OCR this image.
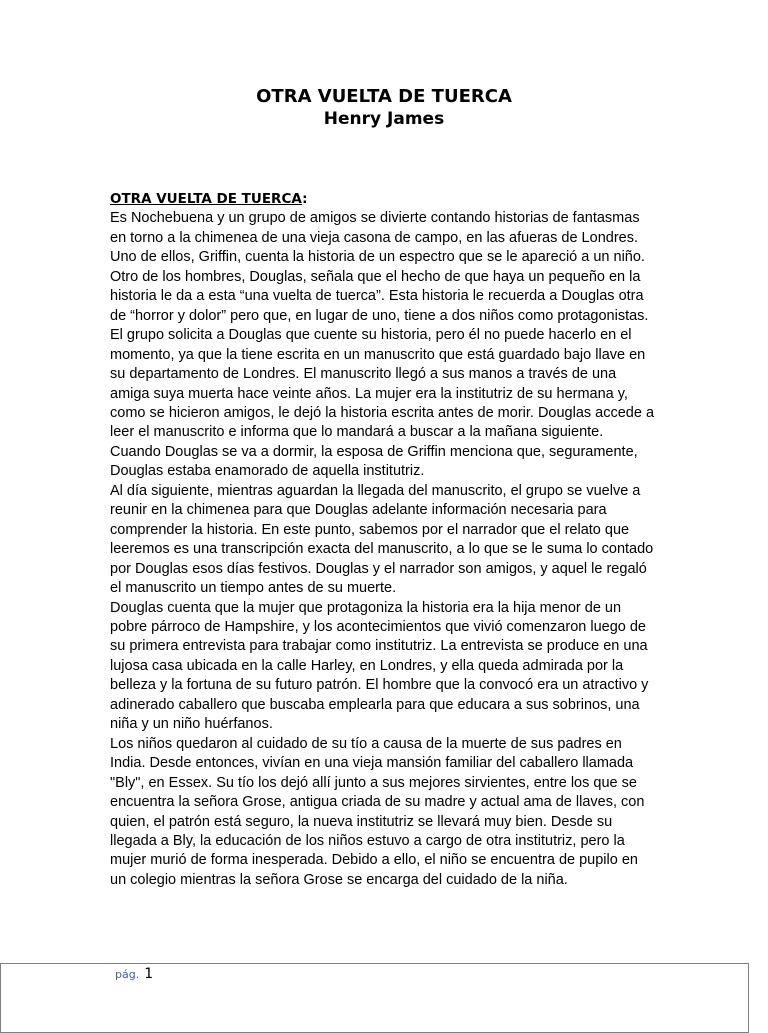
OTRA VUELTA DE TUERCA
Henry James
OTRA VUELTA DE TUERCA:

Es Nochebuena y un grupo de amigos se divierte contando historias de fantasmas en torno a la chimenea de una vieja casona de campo, en las afueras de Londres. Uno de ellos, Griffin, cuenta la historia de un espectro que se le apareció a un niño. Otro de los hombres, Douglas, señala que el hecho de que haya un pequeño en la historia le da a esta “una vuelta de tuerca”. Esta historia le recuerda a Douglas otra de “horror y dolor” pero que, en lugar de uno, tiene a dos niños como protagonistas.

El grupo solicita a Douglas que cuente su historia, pero él no puede hacerlo en el momento, ya que la tiene escrita en un manuscrito que está guardado bajo llave en su departamento de Londres. El manuscrito llegó a sus manos a través de una amiga suya muerta hace veinte años. La mujer era la institutriz de su hermana y, como se hicieron amigos, le dejó la historia escrita antes de morir. Douglas accede a leer el manuscrito e informa que lo mandará a buscar a la mañana siguiente. Cuando Douglas se va a dormir, la esposa de Griffin menciona que, seguramente, Douglas estaba enamorado de aquella institutriz.

Al día siguiente, mientras aguardan la llegada del manuscrito, el grupo se vuelve a reunir en la chimenea para que Douglas adelante información necesaria para comprender la historia. En este punto, sabemos por el narrador que el relato que leeremos es una transcripción exacta del manuscrito, a lo que se le suma lo contado por Douglas esos días festivos. Douglas y el narrador son amigos, y aquel le regaló el manuscrito un tiempo antes de su muerte.

Douglas cuenta que la mujer que protagoniza la historia era la hija menor de un pobre párroco de Hampshire, y los acontecimientos que vivió comenzaron luego de su primera entrevista para trabajar como institutriz. La entrevista se produce en una lujosa casa ubicada en la calle Harley, en Londres, y ella queda admirada por la belleza y la fortuna de su futuro patrón. El hombre que la convocó era un atractivo y adinerado caballero que buscaba emplearla para que educara a sus sobrinos, una niña y un niño huérfanos.

Los niños quedaron al cuidado de su tío a causa de la muerte de sus padres en India. Desde entonces, vivían en una vieja mansión familiar del caballero llamada "Bly", en Essex. Su tío los dejó allí junto a sus mejores sirvientes, entre los que se encuentra la señora Grose, antigua criada de su madre y actual ama de llaves, con quien, el patrón está seguro, la nueva institutriz se llevará muy bien. Desde su llegada a Bly, la educación de los niños estuvo a cargo de otra institutriz, pero la mujer murió de forma inesperada. Debido a ello, el niño se encuentra de pupilo en un colegio mientras la señora Grose se encarga del cuidado de la niña.

pág. 1
